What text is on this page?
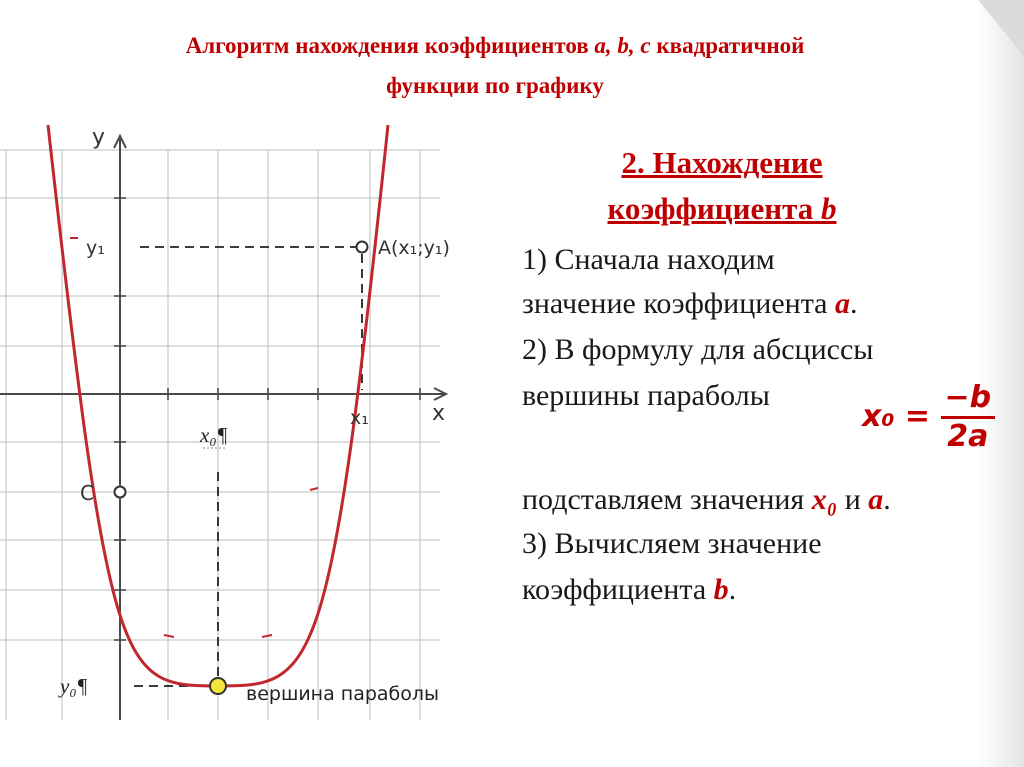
Алгоритм нахождения коэффициентов a, b, c квадратичной
функции по графику
y
x
y₁
x₁
A(x₁;y₁)
C
x₀¶
y₀¶	вершина параболы
2. Нахождение
коэффициента b
1) Сначала находим
значение коэффициента а.
2) В формулу для абсциссы
вершины параболы
$x_0 = \frac{-b}{2a}$
подставляем значения x₀ и а.
3) Вычисляем значение
коэффициента b.
